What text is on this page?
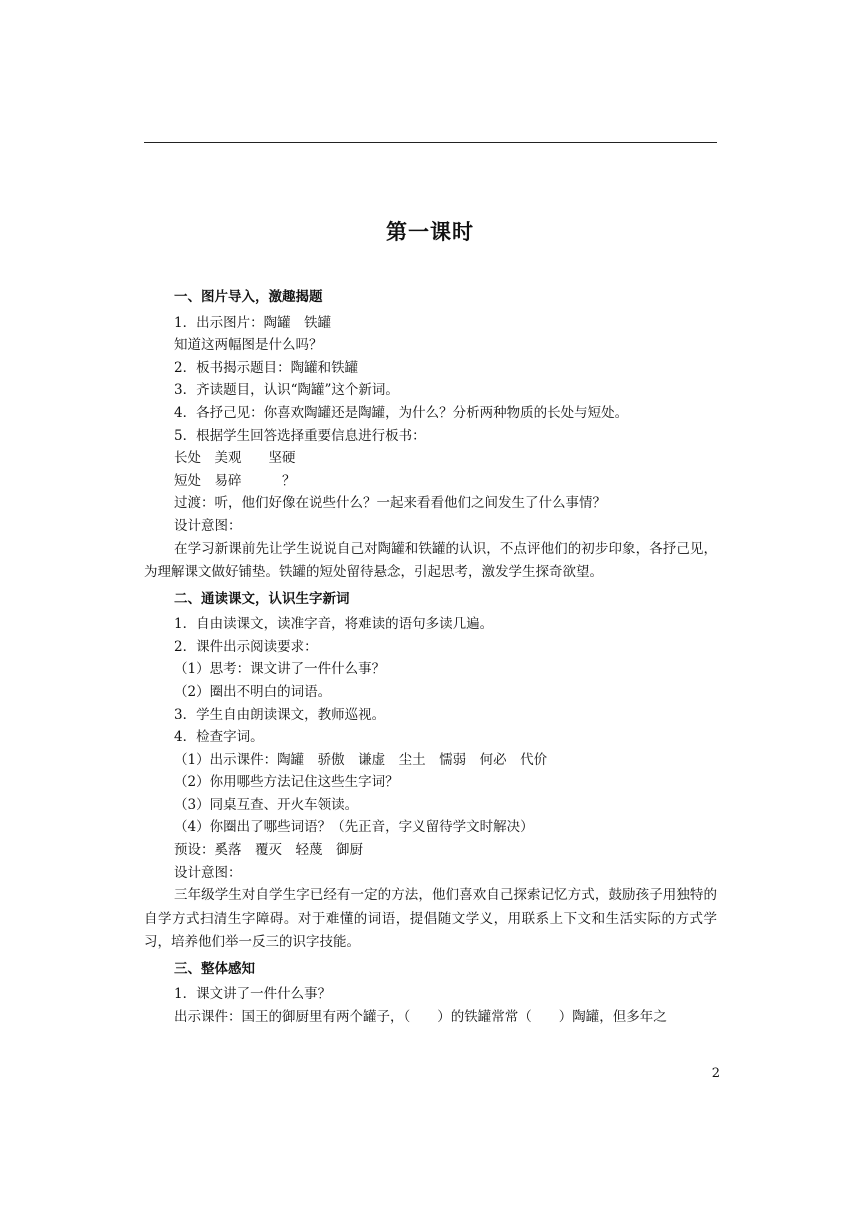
第一课时
一、图片导入，激趣揭题
1．出示图片：陶罐　铁罐
知道这两幅图是什么吗？
2．板书揭示题目：陶罐和铁罐
3．齐读题目，认识“陶罐”这个新词。
4．各抒己见：你喜欢陶罐还是陶罐，为什么？分析两种物质的长处与短处。
5．根据学生回答选择重要信息进行板书：
长处　美观　　坚硬
短处　易碎　　　？
过渡：听，他们好像在说些什么？一起来看看他们之间发生了什么事情？
设计意图：
在学习新课前先让学生说说自己对陶罐和铁罐的认识，不点评他们的初步印象，各抒己见，为理解课文做好铺垫。铁罐的短处留待悬念，引起思考，激发学生探奇欲望。
二、通读课文，认识生字新词
1．自由读课文，读准字音，将难读的语句多读几遍。
2．课件出示阅读要求：
（1）思考：课文讲了一件什么事？
（2）圈出不明白的词语。
3．学生自由朗读课文，教师巡视。
4．检查字词。
（1）出示课件：陶罐　骄傲　谦虚　尘土　懦弱　何必　代价
（2）你用哪些方法记住这些生字词？
（3）同桌互查、开火车领读。
（4）你圈出了哪些词语？（先正音，字义留待学文时解决）
预设：奚落　覆灭　轻蔑　御厨
设计意图：
三年级学生对自学生字已经有一定的方法，他们喜欢自己探索记忆方式，鼓励孩子用独特的自学方式扫清生字障碍。对于难懂的词语，提倡随文学义，用联系上下文和生活实际的方式学习，培养他们举一反三的识字技能。
三、整体感知
1．课文讲了一件什么事？
出示课件：国王的御厨里有两个罐子，（　　）的铁罐常常（　　）陶罐，但多年之
2
